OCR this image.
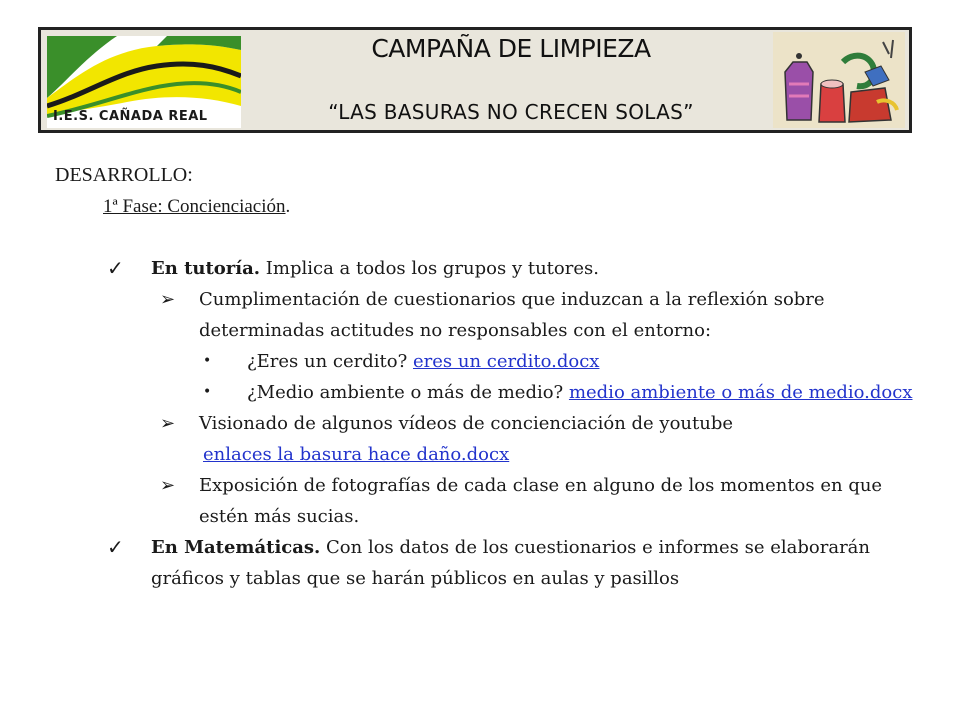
I.E.S. CAÑADA REAL
CAMPAÑA DE LIMPIEZA
“LAS BASURAS NO CRECEN SOLAS”
DESARROLLO:
1ª Fase: Concienciación.
✓ En tutoría. Implica a todos los grupos y tutores.
➢ Cumplimentación de cuestionarios que induzcan a la reflexión sobre determinadas actitudes no responsables con el entorno:
• ¿Eres un cerdito? eres un cerdito.docx
• ¿Medio ambiente o más de medio? medio ambiente o más de medio.docx
➢ Visionado de algunos vídeos de concienciación de youtube
enlaces la basura hace daño.docx
➢ Exposición de fotografías de cada clase en alguno de los momentos en que estén más sucias.
✓ En Matemáticas. Con los datos de los cuestionarios e informes se elaborarán gráficos y tablas que se harán públicos en aulas y pasillos
